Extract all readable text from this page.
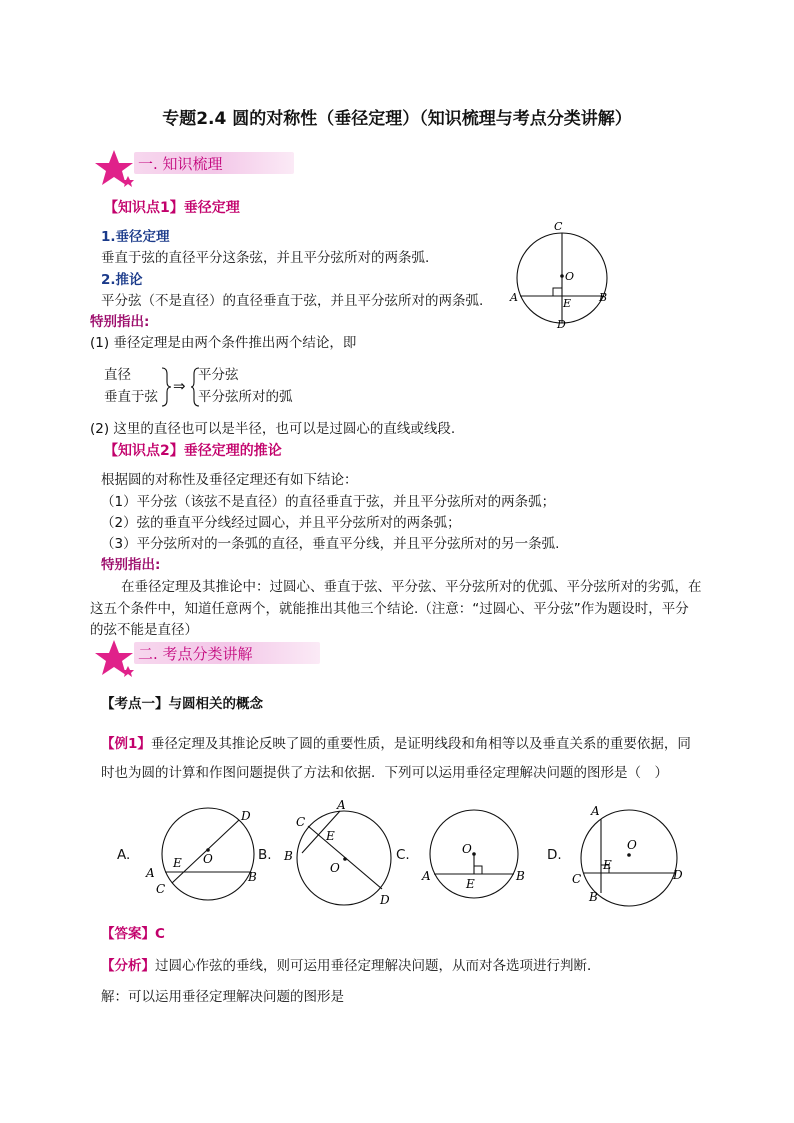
专题2.4 圆的对称性（垂径定理）（知识梳理与考点分类讲解）
一. 知识梳理
【知识点1】垂径定理
1.垂径定理
垂直于弦的直径平分这条弦，并且平分弦所对的两条弧.
2.推论
平分弦（不是直径）的直径垂直于弦，并且平分弦所对的两条弧.
特别指出:
(1) 垂径定理是由两个条件推出两个结论，即
直径
垂直于弦
⇒
平分弦
平分弦所对的弧
(2) 这里的直径也可以是半径，也可以是过圆心的直线或线段.
C
O
A	E	B
D
【知识点2】垂径定理的推论
根据圆的对称性及垂径定理还有如下结论：
（1）平分弦（该弦不是直径）的直径垂直于弦，并且平分弦所对的两条弧；
（2）弦的垂直平分线经过圆心，并且平分弦所对的两条弧；
（3）平分弦所对的一条弧的直径，垂直平分线，并且平分弦所对的另一条弧.
特别指出:
在垂径定理及其推论中：过圆心、垂直于弦、平分弦、平分弦所对的优弧、平分弦所对的劣弧，在
这五个条件中，知道任意两个，就能推出其他三个结论.（注意：“过圆心、平分弦”作为题设时，平分
的弦不能是直径）
二. 考点分类讲解
【考点一】与圆相关的概念
【例1】垂径定理及其推论反映了圆的重要性质，是证明线段和角相等以及垂直关系的重要依据，同
时也为圆的计算和作图问题提供了方法和依据．下列可以运用垂径定理解决问题的图形是（　）
A.
D
O
E
A
C
B
B.
A
C
E
B
O
D
C.	O
A
E
B
D.
A
O
C
E
D
B
【答案】C
【分析】过圆心作弦的垂线，则可运用垂径定理解决问题，从而对各选项进行判断．
解：可以运用垂径定理解决问题的图形是
